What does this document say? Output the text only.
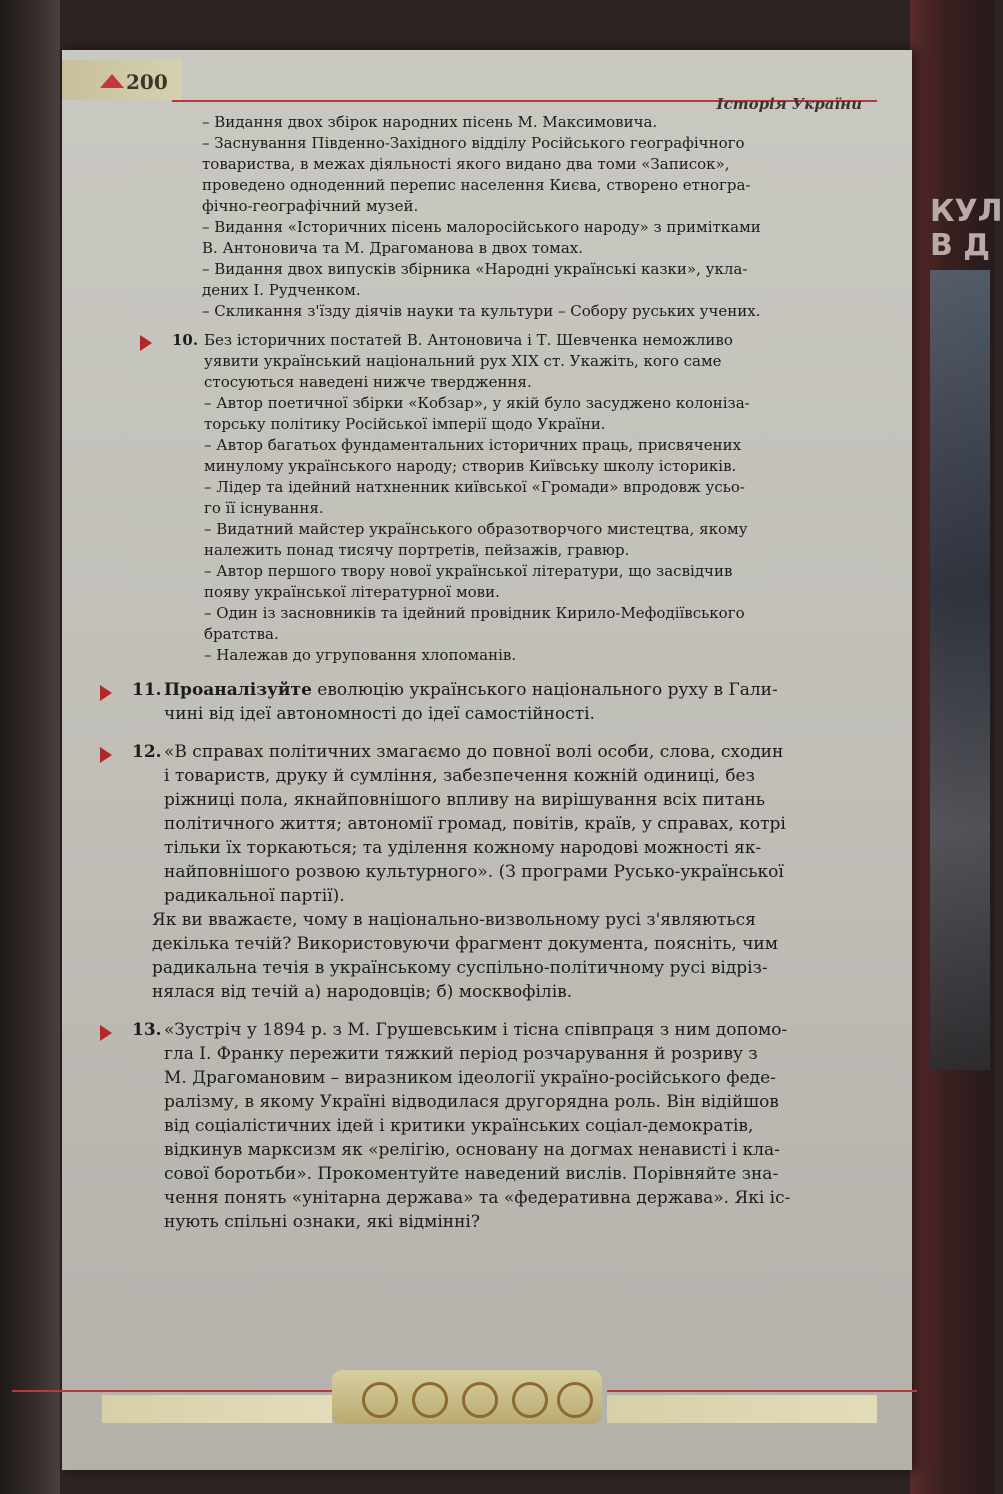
КУЛ
В Д
200
Історія України
– Видання двох збірок народних пісень М. Максимовича.
– Заснування Південно-Західного відділу Російського географічного
товариства, в межах діяльності якого видано два томи «Записок»,
проведено одноденний перепис населення Києва, створено етногра-
фічно-географічний музей.
– Видання «Історичних пісень малоросійського народу» з примітками
В. Антоновича та М. Драгоманова в двох томах.
– Видання двох випусків збірника «Народні українські казки», укла-
дених І. Рудченком.
– Скликання з'їзду діячів науки та культури – Собору руських учених.
10. Без історичних постатей В. Антоновича і Т. Шевченка неможливо
уявити український національний рух XIX ст. Укажіть, кого саме
стосуються наведені нижче твердження.
– Автор поетичної збірки «Кобзар», у якій було засуджено колоніза-
торську політику Російської імперії щодо України.
– Автор багатьох фундаментальних історичних праць, присвячених
минулому українського народу; створив Київську школу істориків.
– Лідер та ідейний натхненник київської «Громади» впродовж усьо-
го її існування.
– Видатний майстер українського образотворчого мистецтва, якому
належить понад тисячу портретів, пейзажів, гравюр.
– Автор першого твору нової української літератури, що засвідчив
появу української літературної мови.
– Один із засновників та ідейний провідник Кирило-Мефодіївського
братства.
– Належав до угруповання хлопоманів.
11. Проаналізуйте еволюцію українського національного руху в Гали-
чині від ідеї автономності до ідеї самостійності.
12. «В справах політичних змагаємо до повної волі особи, слова, сходин
і товариств, друку й сумління, забезпечення кожній одиниці, без
ріжниці пола, якнайповнішого впливу на вирішування всіх питань
політичного життя; автономії громад, повітів, країв, у справах, котрі
тільки їх торкаються; та уділення кожному народові можності як-
найповнішого розвою культурного». (З програми Русько-української
радикальної партії).
Як ви вважаєте, чому в національно-визвольному русі з'являються
декілька течій? Використовуючи фрагмент документа, поясніть, чим
радикальна течія в українському суспільно-політичному русі відріз-
нялася від течій а) народовців; б) москвофілів.
13. «Зустріч у 1894 р. з М. Грушевським і тісна співпраця з ним допомо-
гла І. Франку пережити тяжкий період розчарування й розриву з
М. Драгомановим – виразником ідеології україно-російського феде-
ралізму, в якому Україні відводилася другорядна роль. Він відійшов
від соціалістичних ідей і критики українських соціал-демократів,
відкинув марксизм як «релігію, основану на догмах ненависті і кла-
сової боротьби». Прокоментуйте наведений вислів. Порівняйте зна-
чення понять «унітарна держава» та «федеративна держава». Які іс-
нують спільні ознаки, які відмінні?
